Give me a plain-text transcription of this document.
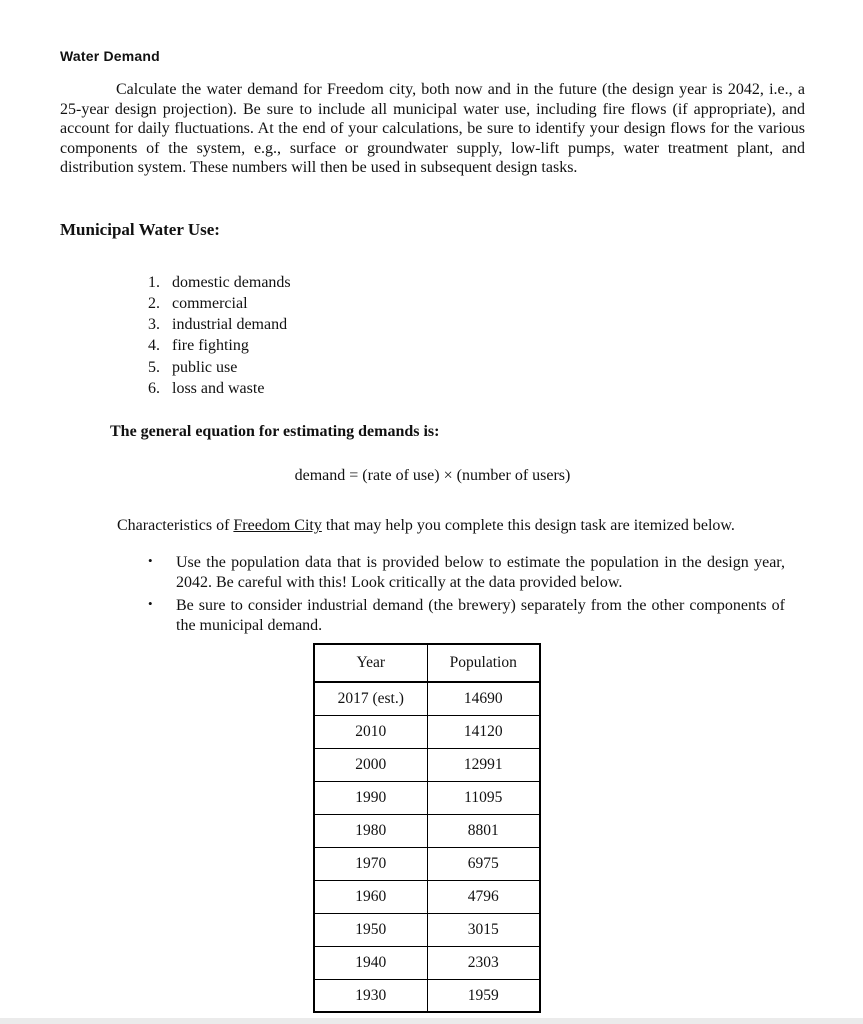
Water Demand

Calculate the water demand for Freedom city, both now and in the future (the design year is 2042, i.e., a 25-year design projection). Be sure to include all municipal water use, including fire flows (if appropriate), and account for daily fluctuations. At the end of your calculations, be sure to identify your design flows for the various components of the system, e.g., surface or groundwater supply, low-lift pumps, water treatment plant, and distribution system. These numbers will then be used in subsequent design tasks.

Municipal Water Use:
1. domestic demands
2. commercial
3. industrial demand
4. fire fighting
5. public use
6. loss and waste
The general equation for estimating demands is:
demand = (rate of use) × (number of users)
Characteristics of Freedom City that may help you complete this design task are itemized below.
• Use the population data that is provided below to estimate the population in the design year, 2042. Be careful with this! Look critically at the data provided below.
• Be sure to consider industrial demand (the brewery) separately from the other components of the municipal demand.
Year	Population
2017 (est.)	14690
2010	14120
2000	12991
1990	11095
1980	8801
1970	6975
1960	4796
1950	3015
1940	2303
1930	1959
